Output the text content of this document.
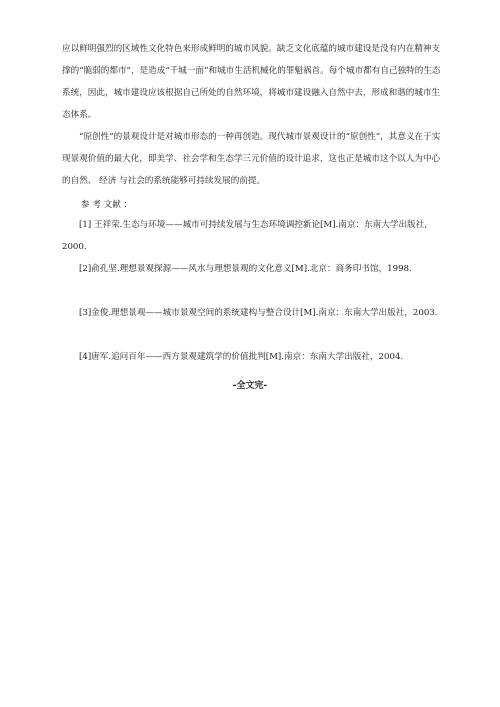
应以鲜明强烈的区域性文化特色来形成鲜明的城市风貌。缺乏文化底蕴的城市建设是没有内在精神支撑的“脆弱的都市”，是造成“千城一面”和城市生活机械化的罪魁祸首。每个城市都有自己独特的生态系统，因此，城市建设应该根据自己所处的自然环境，将城市建设融入自然中去，形成和谐的城市生态体系。
“原创性”的景观设计是对城市形态的一种再创造。现代城市景观设计的“原创性”，其意义在于实现景观价值的最大化，即美学、社会学和生态学三元价值的设计追求，这也正是城市这个以人为中心的自然、 经济 与社会的系统能够可持续发展的前提。
参 考 文献 ：
[1] 王祥荣.生态与环境——城市可持续发展与生态环境调控新论[M].南京：东南大学出版社，2000.
[2]俞孔坚.理想景观探源——风水与理想景观的文化意义[M].北京：商务印书馆，1998.
[3]金俊.理想景观——城市景观空间的系统建构与整合设计[M].南京：东南大学出版社，2003.
[4]唐军.追问百年——西方景观建筑学的价值批判[M].南京：东南大学出版社，2004.
-全文完-
